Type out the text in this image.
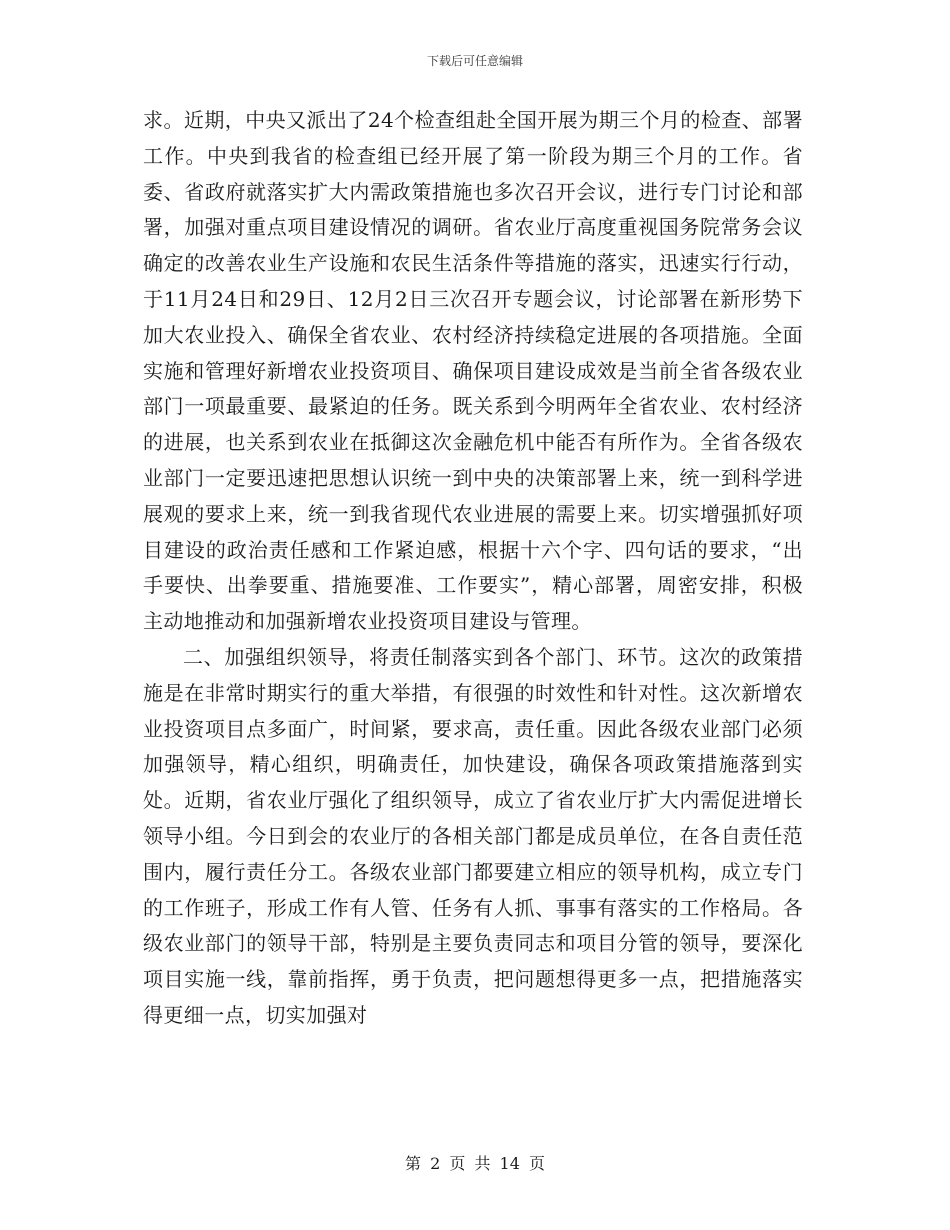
下载后可任意编辑

求。近期，中央又派出了24个检查组赴全国开展为期三个月的检查、部署工作。中央到我省的检查组已经开展了第一阶段为期三个月的工作。省委、省政府就落实扩大内需政策措施也多次召开会议，进行专门讨论和部署，加强对重点项目建设情况的调研。省农业厅高度重视国务院常务会议确定的改善农业生产设施和农民生活条件等措施的落实，迅速实行行动，于11月24日和29日、12月2日三次召开专题会议，讨论部署在新形势下加大农业投入、确保全省农业、农村经济持续稳定进展的各项措施。全面实施和管理好新增农业投资项目、确保项目建设成效是当前全省各级农业部门一项最重要、最紧迫的任务。既关系到今明两年全省农业、农村经济的进展，也关系到农业在抵御这次金融危机中能否有所作为。全省各级农业部门一定要迅速把思想认识统一到中央的决策部署上来，统一到科学进展观的要求上来，统一到我省现代农业进展的需要上来。切实增强抓好项目建设的政治责任感和工作紧迫感，根据十六个字、四句话的要求，“出手要快、出拳要重、措施要准、工作要实”，精心部署，周密安排，积极主动地推动和加强新增农业投资项目建设与管理。

二、加强组织领导，将责任制落实到各个部门、环节。这次的政策措施是在非常时期实行的重大举措，有很强的时效性和针对性。这次新增农业投资项目点多面广，时间紧，要求高，责任重。因此各级农业部门必须加强领导，精心组织，明确责任，加快建设，确保各项政策措施落到实处。近期，省农业厅强化了组织领导，成立了省农业厅扩大内需促进增长领导小组。今日到会的农业厅的各相关部门都是成员单位，在各自责任范围内，履行责任分工。各级农业部门都要建立相应的领导机构，成立专门的工作班子，形成工作有人管、任务有人抓、事事有落实的工作格局。各级农业部门的领导干部，特别是主要负责同志和项目分管的领导，要深化项目实施一线，靠前指挥，勇于负责，把问题想得更多一点，把措施落实得更细一点，切实加强对

第 2 页 共 14 页
